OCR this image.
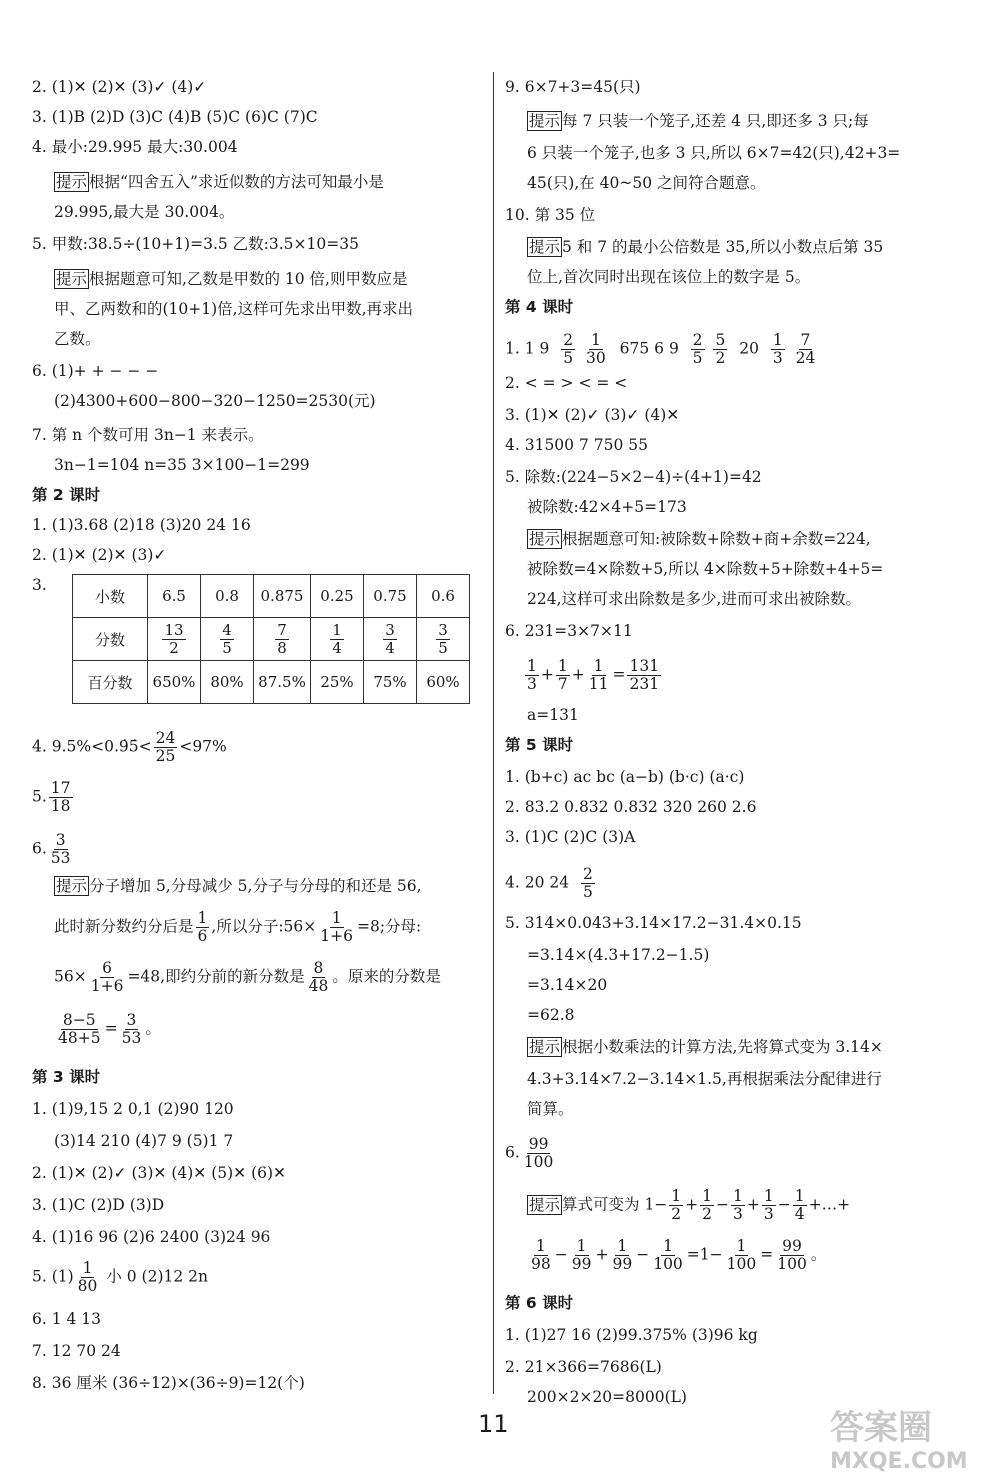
2. (1)✕ (2)✕ (3)✓ (4)✓
3. (1)B (2)D (3)C (4)B (5)C (6)C (7)C
4. 最小:29.995 最大:30.004
提示 根据“四舍五入”求近似数的方法可知最小是
29.995,最大是 30.004。
5. 甲数:38.5÷(10+1)=3.5 乙数:3.5×10=35
提示 根据题意可知,乙数是甲数的 10 倍,则甲数应是
甲、乙两数和的(10+1)倍,这样可先求出甲数,再求出
乙数。
6. (1)+ + − − −
(2)4300+600−800−320−1250=2530(元)
7. 第 n 个数可用 3n−1 来表示。
3n−1=104 n=35 3×100−1=299
第 2 课时
1. (1)3.68 (2)18 (3)20 24 16
2. (1)✕ (2)✕ (3)✓
3.
小数	6.5	0.8	0.875	0.25	0.75	0.6
分数	$\frac{13}{2}$	$\frac{4}{5}$	$\frac{7}{8}$	$\frac{1}{4}$	$\frac{3}{4}$	$\frac{3}{5}$

百分数	650%	80%	87.5%	25%	75%	60%
4. 9.5%<0.9̇5̇< $\frac{24}{25} <97\%$
5. $\frac{17}{18}$
6. $\frac{3}{53}$
提示 分子增加 5,分母减少 5,分子与分母的和还是 56,
此时新分数约分后是 $\frac{1}{6}$ ,所以分子:56× $\frac{1}{1+6} =8$;分母:
$56\times \frac{6}{1+6} =48$,即约分前的新分数是 $\frac{8}{48}$ 。原来的分数是
$\frac{8-5}{48+5} = \frac{3}{53}$ 。
第 3 课时
1. (1)9,15 2 0,1 (2)90 120
(3)14 210 (4)7 9 (5)1 7
2. (1)✕ (2)✓ (3)✕ (4)✕ (5)✕ (6)✕
3. (1)C (2)D (3)D
4. (1)16 96 (2)6 2400 (3)24 96
5. $(1) \frac{1}{80}$ 小 0 (2)12 2n
6. 1 4 13
7. 12 70 24
8. 36 厘米 (36÷12)×(36÷9)=12(个)
9. 6×7+3=45(只)
提示 每 7 只装一个笼子,还差 4 只,即还多 3 只;每
6 只装一个笼子,也多 3 只,所以 6×7=42(只),42+3=
45(只),在 40~50 之间符合题意。
10. 第 35 位
提示 5 和 7 的最小公倍数是 35,所以小数点后第 35
位上,首次同时出现在该位上的数字是 5。
第 4 课时
1. 1 $9 \frac{2}{5}$
$\frac{1}{30} 675$ 6 $9 \frac{2}{5}$
$\frac{5}{2} 20 \frac{1}{3}$
$\frac{7}{24}$
2. < = > < = <
3. (1)✕ (2)✓ (3)✓ (4)✕
4. 31500 7 750 55
5. 除数:(224−5×2−4)÷(4+1)=42
被除数:42×4+5=173
提示 根据题意可知:被除数+除数+商+余数=224,
被除数=4×除数+5,所以 4×除数+5+除数+4+5=
224,这样可求出除数是多少,进而可求出被除数。
6. 231=3×7×11
$\frac{1}{3} + \frac{1}{7} + \frac{1}{11} = \frac{131}{231}$
a=131
第 5 课时
1. (b+c) ac bc (a−b) (b·c) (a·c)
2. 83.2 0.832 0.832 320 260 2.6
3. (1)C (2)C (3)A
4. 20 $24 \frac{2}{5}$
5. 314×0.043+3.14×17.2−31.4×0.15
=3.14×(4.3+17.2−1.5)
=3.14×20
=62.8
提示 根据小数乘法的计算方法,先将算式变为 3.14×
4.3+3.14×7.2−3.14×1.5,再根据乘法分配律进行
简算。
6. $\frac{99}{100}$
提示 算式可变为 $1- \frac{1}{2} + \frac{1}{2} - \frac{1}{3} + \frac{1}{3} - \frac{1}{4}$ +…+
$\frac{1}{98} - \frac{1}{99} + \frac{1}{99} - \frac{1}{100} =1- \frac{1}{100} = \frac{99}{100}$ 。
第 6 课时
1. (1)27 16 (2)99.375% (3)96 kg
2. 21×366=7686(L)
200×2×20=8000(L)
11	答案圈
MXQE.COM
